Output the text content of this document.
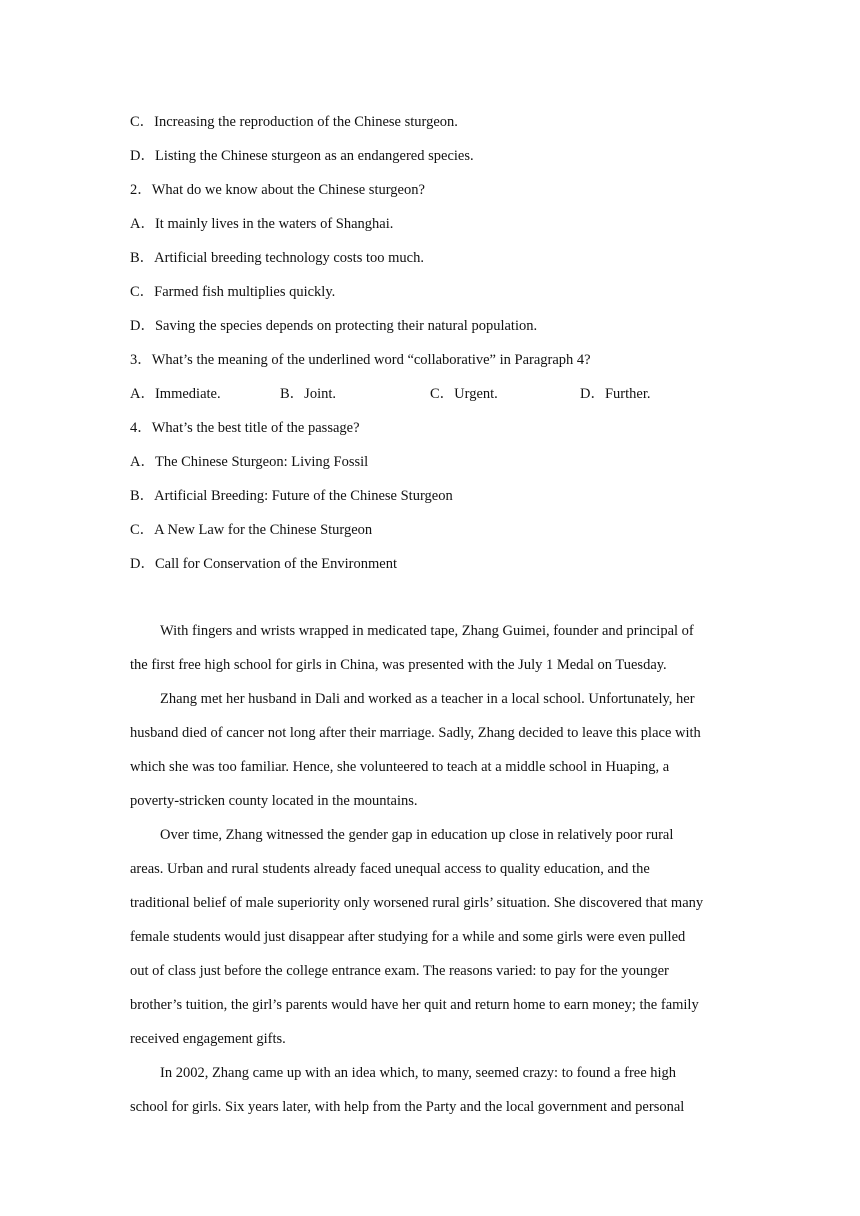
C．Increasing the reproduction of the Chinese sturgeon.
D．Listing the Chinese sturgeon as an endangered species.
2．What do we know about the Chinese sturgeon?
A．It mainly lives in the waters of Shanghai.
B．Artificial breeding technology costs too much.
C．Farmed fish multiplies quickly.
D．Saving the species depends on protecting their natural population.
3．What’s the meaning of the underlined word “collaborative” in Paragraph 4?
A．Immediate.	B．Joint.	C．Urgent.	D．Further.
4．What’s the best title of the passage?
A．The Chinese Sturgeon: Living Fossil
B．Artificial Breeding: Future of the Chinese Sturgeon
C．A New Law for the Chinese Sturgeon
D．Call for Conservation of the Environment
With fingers and wrists wrapped in medicated tape, Zhang Guimei, founder and principal of
the first free high school for girls in China, was presented with the July 1 Medal on Tuesday.
Zhang met her husband in Dali and worked as a teacher in a local school. Unfortunately, her
husband died of cancer not long after their marriage. Sadly, Zhang decided to leave this place with
which she was too familiar. Hence, she volunteered to teach at a middle school in Huaping, a
poverty-stricken county located in the mountains.
Over time, Zhang witnessed the gender gap in education up close in relatively poor rural
areas. Urban and rural students already faced unequal access to quality education, and the
traditional belief of male superiority only worsened rural girls’ situation. She discovered that many
female students would just disappear after studying for a while and some girls were even pulled
out of class just before the college entrance exam. The reasons varied: to pay for the younger
brother’s tuition, the girl’s parents would have her quit and return home to earn money; the family
received engagement gifts.
In 2002, Zhang came up with an idea which, to many, seemed crazy: to found a free high
school for girls. Six years later, with help from the Party and the local government and personal
